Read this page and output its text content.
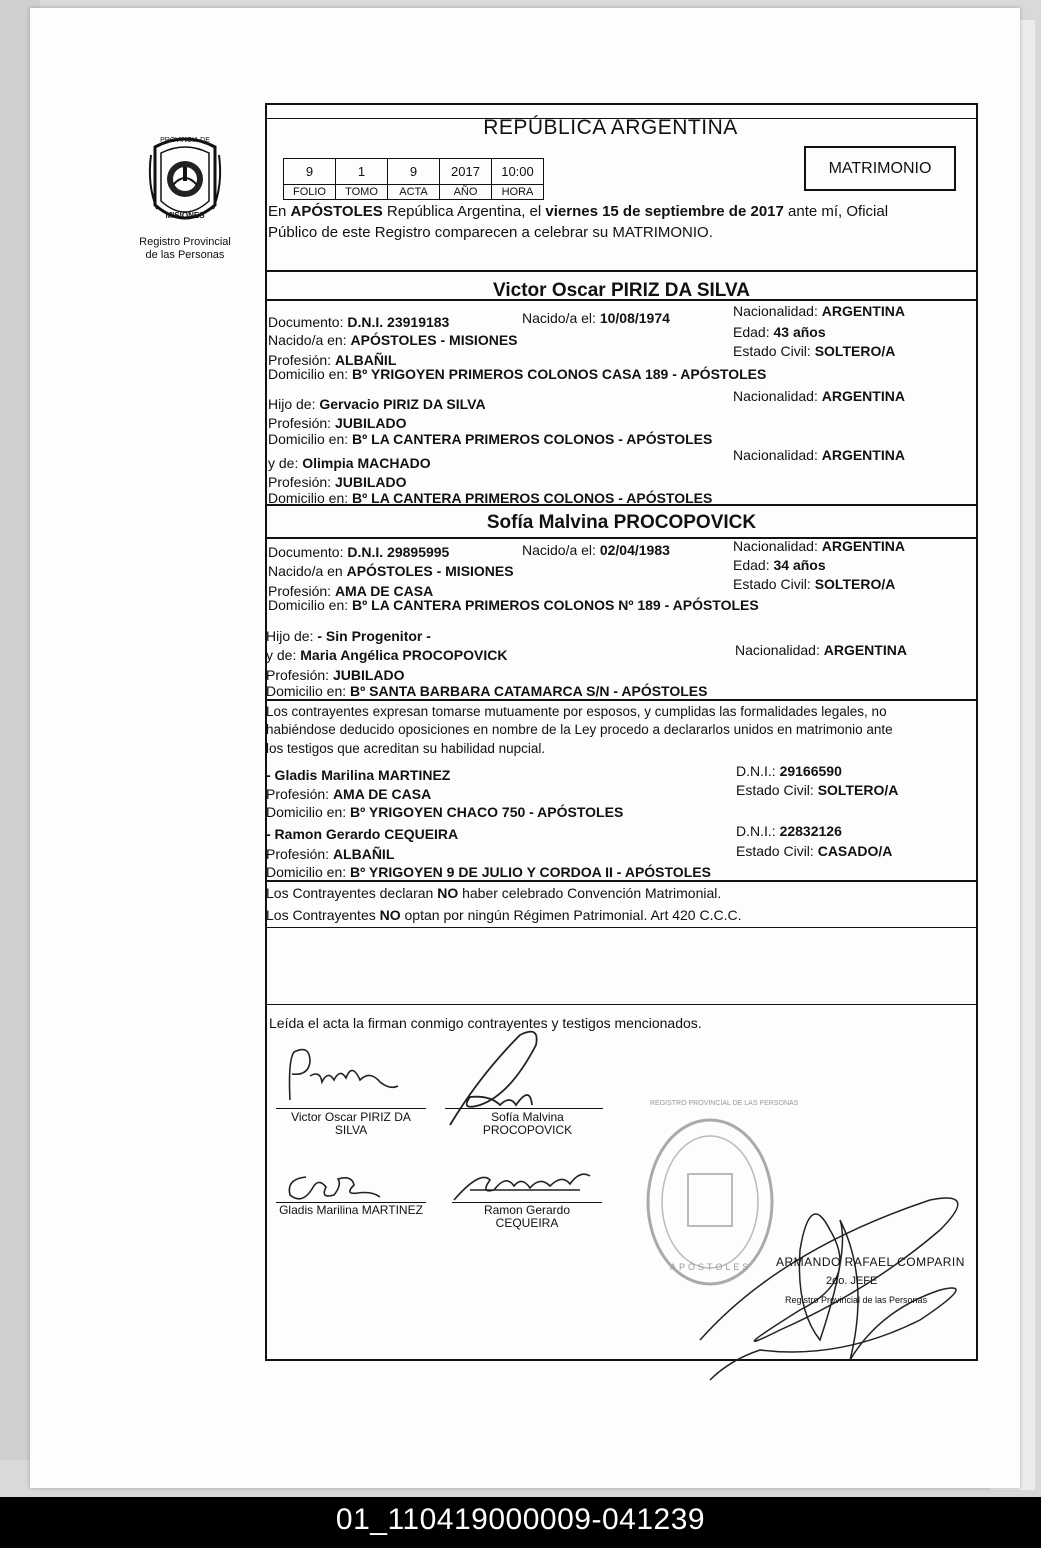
PROVINCIA DE
MISIONES
Registro Provincial
de las Personas
REPÚBLICA ARGENTINA
9	1	9	2017	10:00
FOLIO	TOMO	ACTA	AÑO	HORA
MATRIMONIO
En APÓSTOLES República Argentina, el viernes 15 de septiembre de 2017 ante mí, Oficial
Público de este Registro comparecen a celebrar su MATRIMONIO.
Victor Oscar PIRIZ DA SILVA
Documento: D.N.I. 23919183	Nacido/a el: 10/08/1974	Nacionalidad: ARGENTINA
Edad: 43 años
Nacido/a en: APÓSTOLES - MISIONES
Estado Civil: SOLTERO/A
Profesión: ALBAÑIL
Domicilio en: Bº YRIGOYEN PRIMEROS COLONOS CASA 189 - APÓSTOLES
Hijo de: Gervacio PIRIZ DA SILVA	Nacionalidad: ARGENTINA
Profesión: JUBILADO
Domicilio en: Bº LA CANTERA PRIMEROS COLONOS - APÓSTOLES
y de: Olimpia MACHADO	Nacionalidad: ARGENTINA
Profesión: JUBILADO
Domicilio en: Bº LA CANTERA PRIMEROS COLONOS - APÓSTOLES
Sofía Malvina PROCOPOVICK
Documento: D.N.I. 29895995	Nacido/a el: 02/04/1983	Nacionalidad: ARGENTINA
Edad: 34 años
Nacido/a en APÓSTOLES - MISIONES
Estado Civil: SOLTERO/A
Profesión: AMA DE CASA
Domicilio en: Bº LA CANTERA PRIMEROS COLONOS Nº 189 - APÓSTOLES
Hijo de: - Sin Progenitor -
y de: Maria Angélica PROCOPOVICK	Nacionalidad: ARGENTINA
Profesión: JUBILADO
Domicilio en: Bº SANTA BARBARA CATAMARCA S/N - APÓSTOLES
Los contrayentes expresan tomarse mutuamente por esposos, y cumplidas las formalidades legales, no
habiéndose deducido oposiciones en nombre de la Ley procedo a declararlos unidos en matrimonio ante
los testigos que acreditan su habilidad nupcial.
- Gladis Marilina MARTINEZ	D.N.I.: 29166590
Profesión: AMA DE CASA	Estado Civil: SOLTERO/A
Domicilio en: Bº YRIGOYEN CHACO 750 - APÓSTOLES
- Ramon Gerardo CEQUEIRA	D.N.I.: 22832126
Profesión: ALBAÑIL	Estado Civil: CASADO/A
Domicilio en: Bº YRIGOYEN 9 DE JULIO Y CORDOA II - APÓSTOLES
Los Contrayentes declaran NO haber celebrado Convención Matrimonial.
Los Contrayentes NO optan por ningún Régimen Patrimonial. Art 420 C.C.C.
Leída el acta la firman conmigo contrayentes y testigos mencionados.
Victor Oscar PIRIZ DA
SILVA
Sofía Malvina
PROCOPOVICK
Gladis Marilina MARTINEZ	Ramon Gerardo
CEQUEIRA
REGISTRO PROVINCIAL DE LAS PERSONAS
APÓSTOLES ARMANDO RAFAEL COMPARIN
2do. JEFE
Registro Provincial de las Personas
01_110419000009-041239
